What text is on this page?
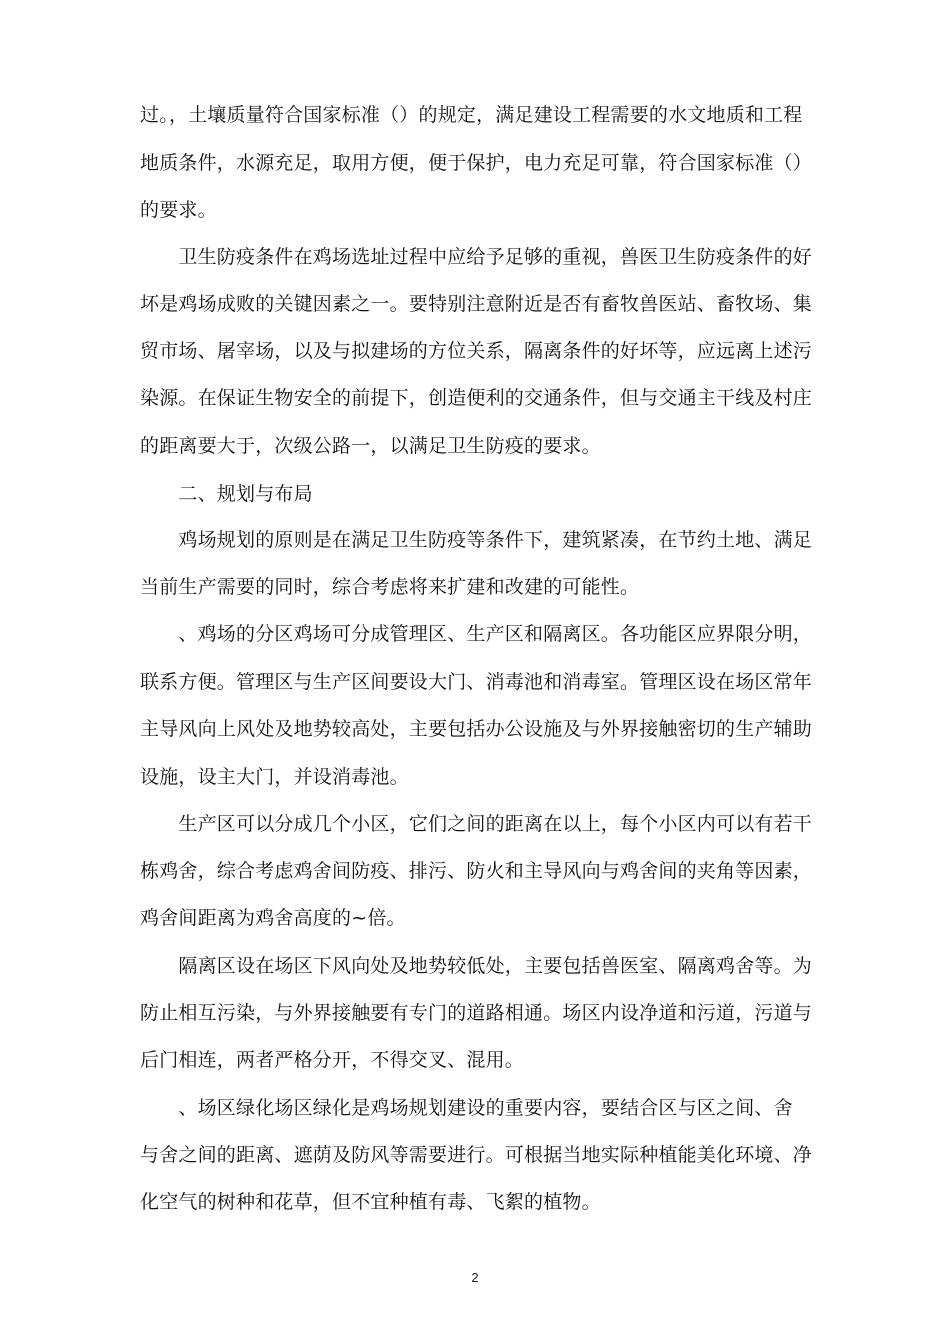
过。，土壤质量符合国家标准（）的规定，满足建设工程需要的水文地质和工程
地质条件，水源充足，取用方便，便于保护，电力充足可靠，符合国家标准（）
的要求。
　　卫生防疫条件在鸡场选址过程中应给予足够的重视，兽医卫生防疫条件的好
坏是鸡场成败的关键因素之一。要特别注意附近是否有畜牧兽医站、畜牧场、集
贸市场、屠宰场，以及与拟建场的方位关系，隔离条件的好坏等，应远离上述污
染源。在保证生物安全的前提下，创造便利的交通条件，但与交通主干线及村庄
的距离要大于，次级公路一，以满足卫生防疫的要求。
　　二、规划与布局
　　鸡场规划的原则是在满足卫生防疫等条件下，建筑紧凑，在节约土地、满足
当前生产需要的同时，综合考虑将来扩建和改建的可能性。
　　、鸡场的分区鸡场可分成管理区、生产区和隔离区。各功能区应界限分明，
联系方便。管理区与生产区间要设大门、消毒池和消毒室。管理区设在场区常年
主导风向上风处及地势较高处，主要包括办公设施及与外界接触密切的生产辅助
设施，设主大门，并设消毒池。
　　生产区可以分成几个小区，它们之间的距离在以上，每个小区内可以有若干
栋鸡舍，综合考虑鸡舍间防疫、排污、防火和主导风向与鸡舍间的夹角等因素，
鸡舍间距离为鸡舍高度的~倍。
　　隔离区设在场区下风向处及地势较低处，主要包括兽医室、隔离鸡舍等。为
防止相互污染，与外界接触要有专门的道路相通。场区内设净道和污道，污道与
后门相连，两者严格分开，不得交叉、混用。
　　、场区绿化场区绿化是鸡场规划建设的重要内容，要结合区与区之间、舍
与舍之间的距离、遮荫及防风等需要进行。可根据当地实际种植能美化环境、净
化空气的树种和花草，但不宜种植有毒、飞絮的植物。
2
